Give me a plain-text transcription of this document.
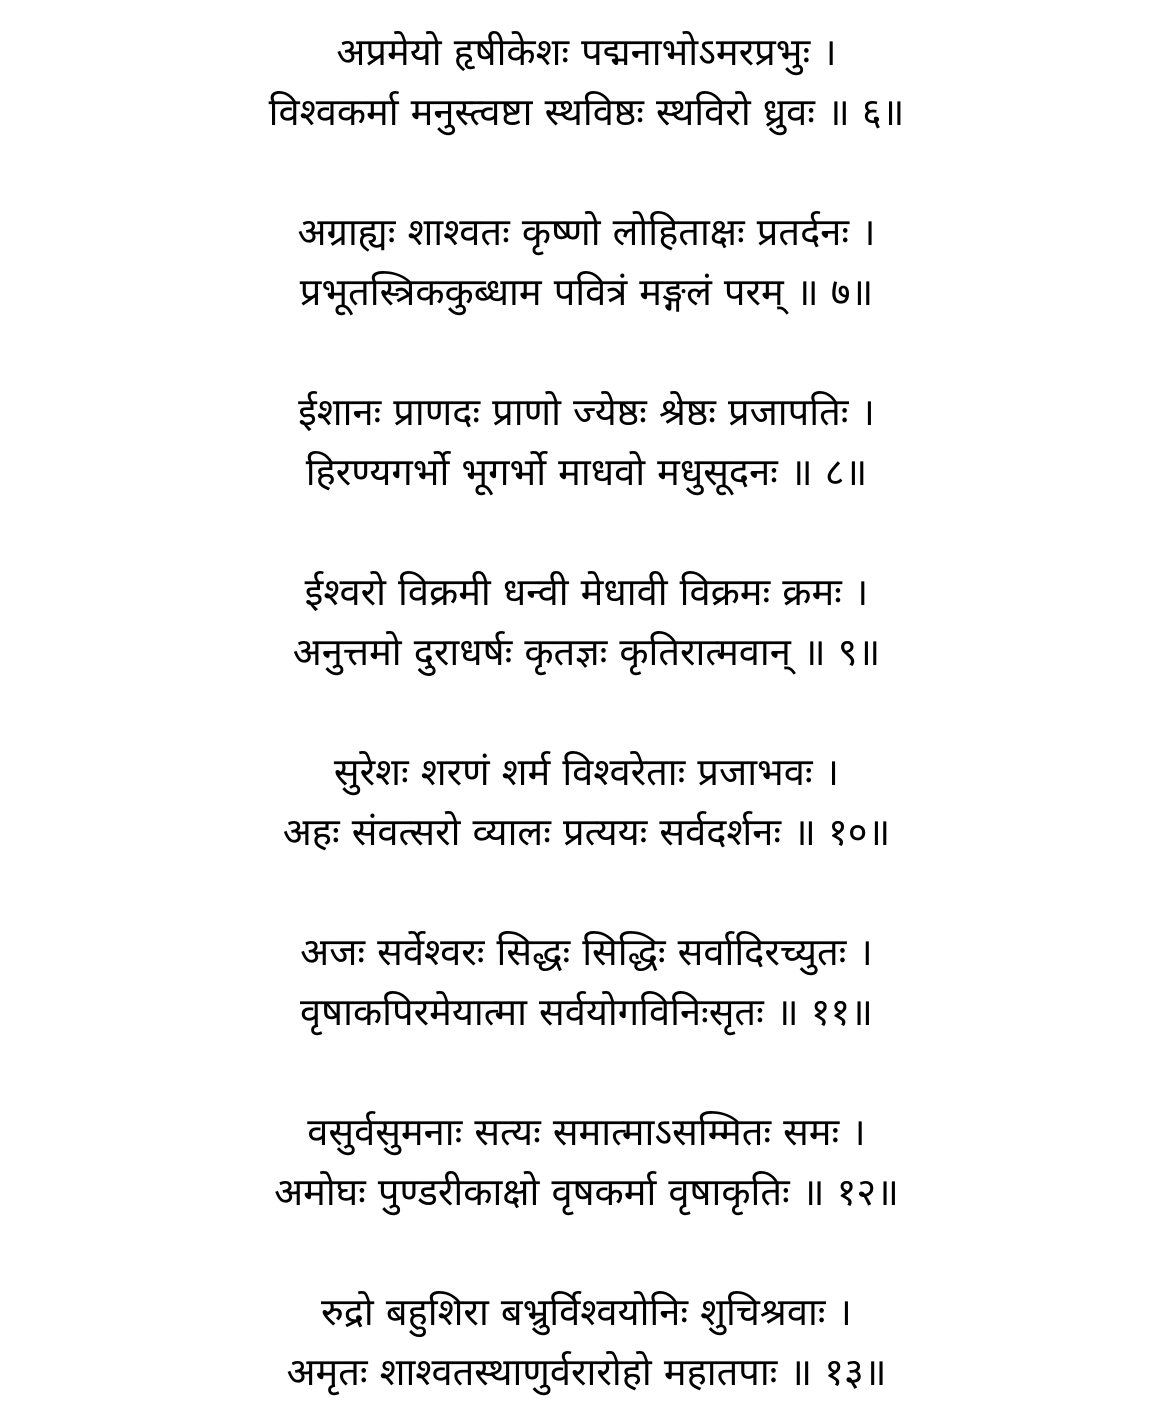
अप्रमेयो हृषीकेशः पद्मनाभोऽमरप्रभुः ।
विश्वकर्मा मनुस्त्वष्टा स्थविष्ठः स्थविरो ध्रुवः ॥ ६॥
अग्राह्यः शाश्वतः कृष्णो लोहिताक्षः प्रतर्दनः ।
प्रभूतस्त्रिककुब्धाम पवित्रं मङ्गलं परम् ॥ ७॥
ईशानः प्राणदः प्राणो ज्येष्ठः श्रेष्ठः प्रजापतिः ।
हिरण्यगर्भो भूगर्भो माधवो मधुसूदनः ॥ ८॥
ईश्वरो विक्रमी धन्वी मेधावी विक्रमः क्रमः ।
अनुत्तमो दुराधर्षः कृतज्ञः कृतिरात्मवान् ॥ ९॥
सुरेशः शरणं शर्म विश्वरेताः प्रजाभवः ।
अहः संवत्सरो व्यालः प्रत्ययः सर्वदर्शनः ॥ १०॥
अजः सर्वेश्वरः सिद्धः सिद्धिः सर्वादिरच्युतः ।
वृषाकपिरमेयात्मा सर्वयोगविनिःसृतः ॥ ११॥
वसुर्वसुमनाः सत्यः समात्माऽसम्मितः समः ।
अमोघः पुण्डरीकाक्षो वृषकर्मा वृषाकृतिः ॥ १२॥
रुद्रो बहुशिरा बभ्रुर्विश्वयोनिः शुचिश्रवाः ।
अमृतः शाश्वतस्थाणुर्वरारोहो महातपाः ॥ १३॥
